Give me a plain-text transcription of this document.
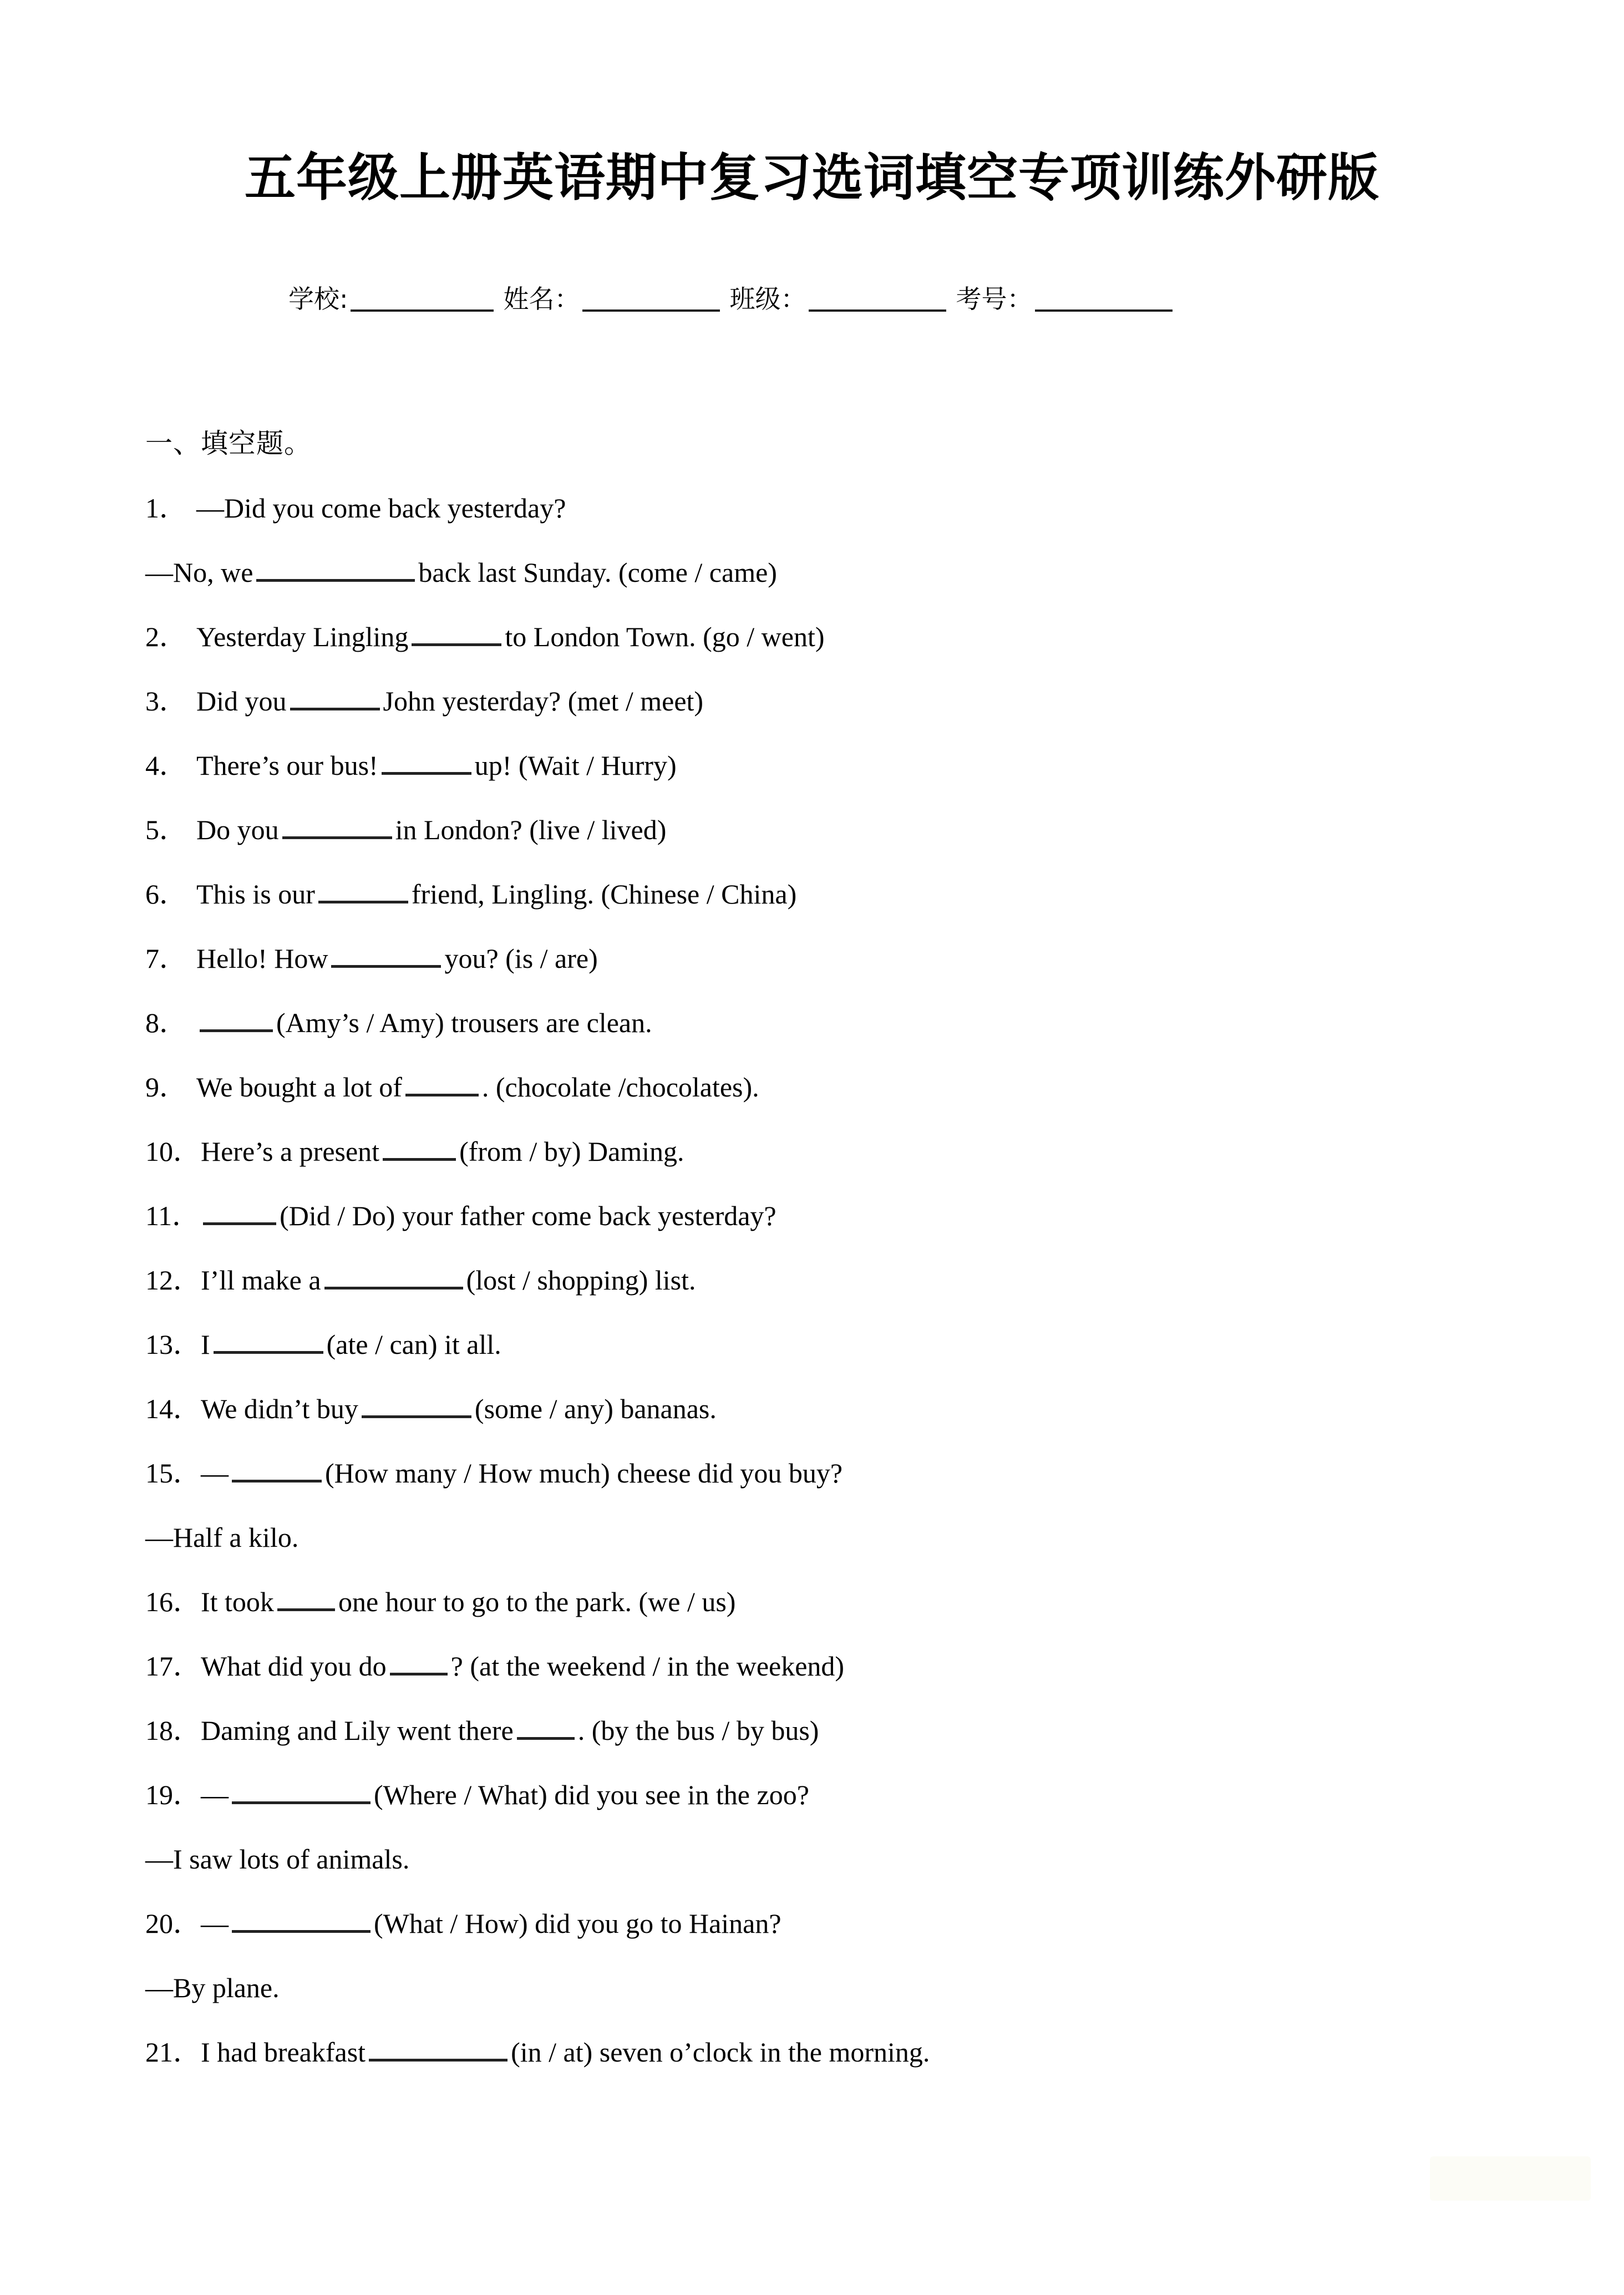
五年级上册英语期中复习选词填空专项训练外研版
学校:	姓名：	班级：	考号：
一、填空题。
1． —Did you come back yesterday?
—No, we	back last Sunday. (come / came)
2． Yesterday Lingling	to London Town. (go / went)
3． Did you	John yesterday? (met / meet)
4． There’s our bus!	up! (Wait / Hurry)
5． Do you	in London? (live / lived)
6． This is our	friend, Lingling. (Chinese / China)
7． Hello! How	you? (is / are)
8．	(Amy’s / Amy) trousers are clean.
9． We bought a lot of	. (chocolate /chocolates).
10．Here’s a present	(from / by) Daming.
11．	(Did / Do) your father come back yesterday?
12．I’ll make a	(lost / shopping) list.
13．I	(ate / can) it all.
14．We didn’t buy	(some / any) bananas.
15．—	(How many / How much) cheese did you buy?
—Half a kilo.
16．It took one hour to go to the park. (we / us)
17．What did you do ? (at the weekend / in the weekend)
18．Daming and Lily went there . (by the bus / by bus)
19．—	(Where / What) did you see in the zoo?
—I saw lots of animals.
20．—	(What / How) did you go to Hainan?
—By plane.
21．I had breakfast	(in / at) seven o’clock in the morning.
